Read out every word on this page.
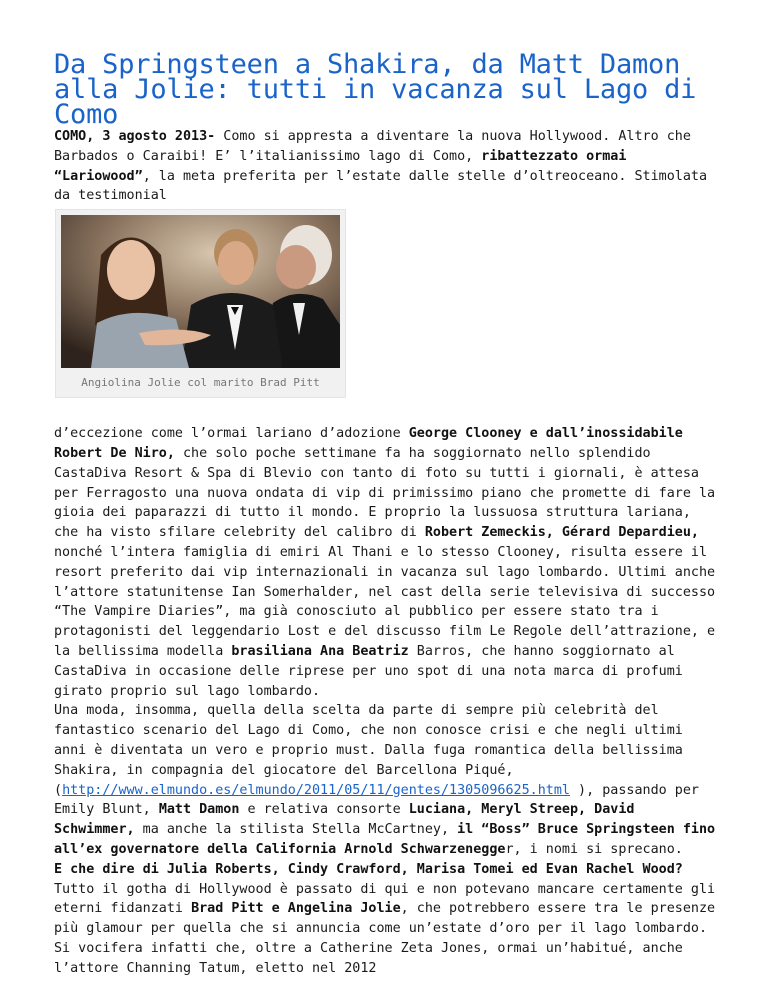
Da Springsteen a Shakira, da Matt Damon alla Jolie: tutti in vacanza sul Lago di Como

COMO, 3 agosto 2013- Como si appresta a diventare la nuova Hollywood. Altro che Barbados o Caraibi! E’ l’italianissimo lago di Como, ribattezzato ormai “Lariowood”, la meta preferita per l’estate dalle stelle d’oltreoceano. Stimolata da testimonial

Angiolina Jolie col marito Brad Pitt

d’eccezione come l’ormai lariano d’adozione George Clooney e dall’inossidabile Robert De Niro, che solo poche settimane fa ha soggiornato nello splendido CastaDiva Resort & Spa di Blevio con tanto di foto su tutti i giornali, è attesa per Ferragosto una nuova ondata di vip di primissimo piano che promette di fare la gioia dei paparazzi di tutto il mondo. E proprio la lussuosa struttura lariana, che ha visto sfilare celebrity del calibro di Robert Zemeckis, Gérard Depardieu, nonché l’intera famiglia di emiri Al Thani e lo stesso Clooney, risulta essere il resort preferito dai vip internazionali in vacanza sul lago lombardo. Ultimi anche l’attore statunitense Ian Somerhalder, nel cast della serie televisiva di successo “The Vampire Diaries”, ma già conosciuto al pubblico per essere stato tra i protagonisti del leggendario Lost e del discusso film Le Regole dell’attrazione, e la bellissima modella brasiliana Ana Beatriz Barros, che hanno soggiornato al CastaDiva in occasione delle riprese per uno spot di una nota marca di profumi girato proprio sul lago lombardo.

Una moda, insomma, quella della scelta da parte di sempre più celebrità del fantastico scenario del Lago di Como, che non conosce crisi e che negli ultimi anni è diventata un vero e proprio must. Dalla fuga romantica della bellissima Shakira, in compagnia del giocatore del Barcellona Piqué, (http://www.elmundo.es/elmundo/2011/05/11/gentes/1305096625.html ), passando per Emily Blunt, Matt Damon e relativa consorte Luciana, Meryl Streep, David Schwimmer, ma anche la stilista Stella McCartney, il “Boss” Bruce Springsteen fino all’ex governatore della California Arnold Schwarzenegger, i nomi si sprecano.

E che dire di Julia Roberts, Cindy Crawford, Marisa Tomei ed Evan Rachel Wood? Tutto il gotha di Hollywood è passato di qui e non potevano mancare certamente gli eterni fidanzati Brad Pitt e Angelina Jolie, che potrebbero essere tra le presenze più glamour per quella che si annuncia come un’estate d’oro per il lago lombardo. Si vocifera infatti che, oltre a Catherine Zeta Jones, ormai un’habitué, anche l’attore Channing Tatum, eletto nel 2012
